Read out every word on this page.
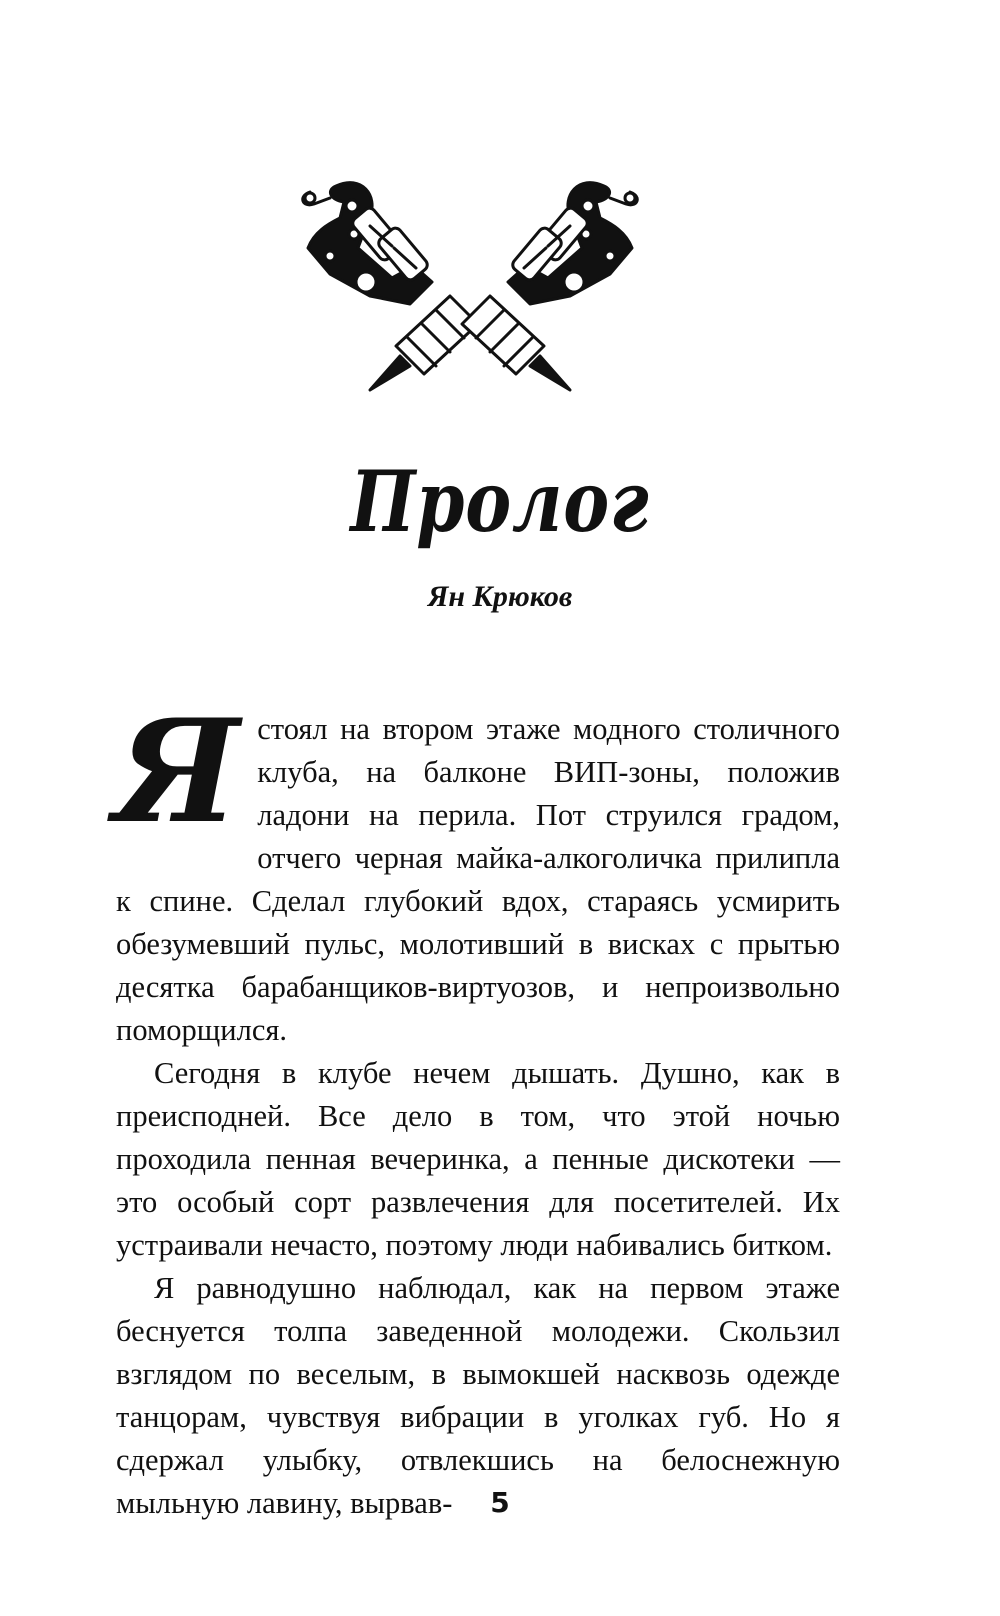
Пролог
Ян Крюков

Я стоял на втором этаже модного столичного клуба, на балконе ВИП-зоны, положив ладони на перила. Пот струился градом, отчего черная майка-алкоголичка прилипла к спине. Сделал глубокий вдох, стараясь усмирить обезумевший пульс, молотивший в висках с прытью десятка барабанщиков-виртуозов, и непроизвольно поморщился.

Сегодня в клубе нечем дышать. Душно, как в преисподней. Все дело в том, что этой ночью проходила пенная вечеринка, а пенные дискотеки — это особый сорт развлечения для посетителей. Их устраивали нечасто, поэтому люди набивались битком.

Я равнодушно наблюдал, как на первом этаже беснуется толпа заведенной молодежи. Скользил взглядом по веселым, в вымокшей насквозь одежде танцорам, чувствуя вибрации в уголках губ. Но я сдержал улыбку, отвлекшись на белоснежную мыльную лавину, вырвав-	5
